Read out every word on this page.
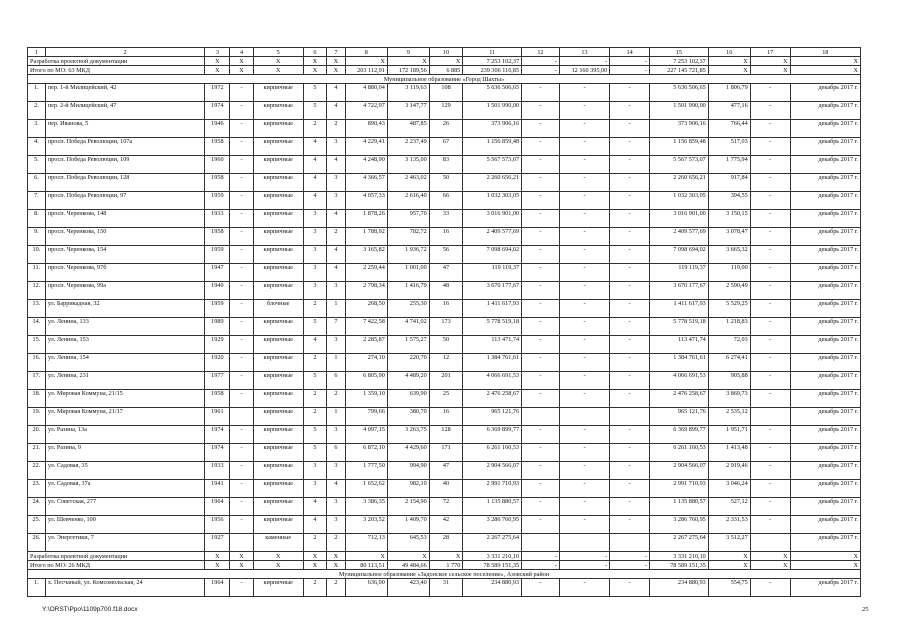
1	2	3	4	5	6	7	8	9	10	11	12	13	14	15	16	17	18
Разработка проектной документации		X	X	X	X	X	X	X	X	7 253 102,37	-	-	-	7 253 102,37	X	X	X
Итого по МО: 63 МКД		X	X	X	X	X	203 112,91	172 189,56	6 885	239 306 116,85	-	12 160 395,00	-	227 145 721,85	X	X	X
Муниципальное образование «Город Шахты»																	
1.	пер. 1-й Милицейский, 42	1972	-	кирпичные	5	4	4 880,04	3 119,63	108	5 636 506,65	-	-	-	5 636 506,65	1 806,79	-	декабрь 2017 г.
2.	пер. 2-й Милицейский, 47	1974	-	кирпичные	5	4	4 722,97	3 147,77	129	1 501 990,00	-	-	-	1 501 990,00	477,16	-	декабрь 2017 г.
3.	пер. Иванова, 5	1946	-	кирпичные	2	2	890,43	487,85	26	373 906,16	-	-	-	373 906,16	766,44	-	декабрь 2017 г.
4.	просп. Победа Революции, 107а	1958	-	кирпичные	4	3	4 229,41	2 237,49	67	1 156 859,48	-	-	-	1 156 859,48	517,03	-	декабрь 2017 г.
5.	просп. Победа Революции, 109	1960	-	кирпичные	4	4	4 248,90	3 135,00	83	5 567 573,07	-	-	-	5 567 573,07	1 775,94	-	декабрь 2017 г.
6.	просп. Победа Революции, 128	1958	-	кирпичные	4	3	4 366,57	2 463,02	50	2 260 656,21	-	-	-	2 260 656,21	917,84	-	декабрь 2017 г.
7.	просп. Победа Революции, 97	1959	-	кирпичные	4	3	4 057,33	2 616,40	66	1 032 303,05	-	-	-	1 032 303,05	394,55	-	декабрь 2017 г.
8.	просп. Черенкова, 148	1933	-	кирпичные	3	4	1 878,26	957,70	33	3 016 901,00	-	-	-	3 016 901,00	3 150,15	-	декабрь 2017 г.
9.	просп. Черенкова, 150	1958	-	кирпичные	3	2	1 788,92	782,72	16	2 409 577,69	-	-	-	2 409 577,69	3 078,47	-	декабрь 2017 г.
10.	просп. Черенкова, 154	1959	-	кирпичные	3	4	3 165,82	1 936,72	56	7 098 694,02	-	-	-	7 098 694,02	3 665,32	-	декабрь 2017 г.
11.	просп. Черенкова, 97б	1947	-	кирпичные	3	4	2 259,44	1 001,00	47	119 119,37	-	-	-	119 119,37	119,00	-	декабрь 2017 г.
12.	просп. Черенкова, 99а	1940	-	кирпичные	3	3	2 798,34	1 416,79	48	3 670 177,67	-	-	-	3 670 177,67	2 590,49	-	декабрь 2017 г.
13.	ул. Баррикадная, 32	1959	-	блочные	2	1	268,50	255,30	16	1 411 617,93	-	-	-	1 411 617,93	5 529,25	-	декабрь 2017 г.
14.	ул. Ленина, 133	1989	-	кирпичные	5	7	7 422,58	4 741,02	173	5 778 519,18	-	-	-	5 778 519,18	1 218,83	-	декабрь 2017 г.
15.	ул. Ленина, 153	1929	-	кирпичные	4	3	2 285,87	1 575,27	50	113 471,74	-	-	-	113 471,74	72,03	-	декабрь 2017 г.
16.	ул. Ленина, 154	1920	-	кирпичные	2	1	274,10	220,70	12	1 384 761,61	-	-	-	1 384 761,61	6 274,41	-	декабрь 2017 г.
17.	ул. Ленина, 231	1977	-	кирпичные	5	6	6 805,90	4 489,20	201	4 066 691,53	-	-	-	4 066 691,53	905,88	-	декабрь 2017 г.
18.	ул. Мировая Коммуна, 21/15	1958	-	кирпичные	2	2	1 359,10	639,90	25	2 476 258,67	-	-	-	2 476 258,67	3 869,73	-	декабрь 2017 г.
19.	ул. Мировая Коммуна, 21/17	1961		кирпичные	2	1	799,66	380,70	16	965 121,76				965 121,76	2 535,12		декабрь 2017 г.
20.	ул. Разина, 13а	1974	-	кирпичные	5	3	4 097,15	3 263,75	128	6 369 899,77	-	-	-	6 369 899,77	1 951,71	-	декабрь 2017 г.
21.	ул. Разина, 9	1974	-	кирпичные	5	6	6 872,10	4 429,60	171	6 261 160,53	-	-	-	6 261 160,53	1 413,48	-	декабрь 2017 г.
22.	ул. Садовая, 35	1933	-	кирпичные	3	3	1 777,50	994,90	47	2 904 566,07	-	-	-	2 904 566,07	2 919,46	-	декабрь 2017 г.
23.	ул. Садовая, 37а	1941	-	кирпичные	3	4	1 652,62	982,10	40	2 991 710,93	-	-	-	2 991 710,93	3 046,24	-	декабрь 2017 г.
24.	ул. Советская, 277	1964	-	кирпичные	4	3	3 386,35	2 154,90	72	1 135 880,57	-	-	-	1 135 880,57	527,12	-	декабрь 2017 г.
25.	ул. Шевченко, 100	1956	-	кирпичные	4	3	3 203,52	1 409,70	42	3 286 760,95	-	-	-	3 286 760,95	2 331,53	-	декабрь 2017 г.
26.	ул. Энергетики, 7	1927		каменные	2	2	712,13	645,53	28	2 267 275,64				2 267 275,64	3 512,27		декабрь 2017 г.
Разработка проектной документации		X	X	X	X	X	X	X	X	3 331 210,10	-	-	-	3 331 210,10	X	X	X
Итого по МО: 26 МКД		X	X	X	X	X	80 113,51	49 484,66	1 770	78 589 151,35	-	-	-	78 589 151,35	X	X	X
Муниципальное образование «Задонское сельское поселение», Азовский район																	
1.	х. Песчаный, ул. Комсомольская, 24	1964	-	кирпичные	2	2	636,00	423,40	31	234 880,93	-	-	-	234 880,93	554,75	-	декабрь 2017 г.
Y:\ORST\Ppo\1109p700.f18.docx	25
